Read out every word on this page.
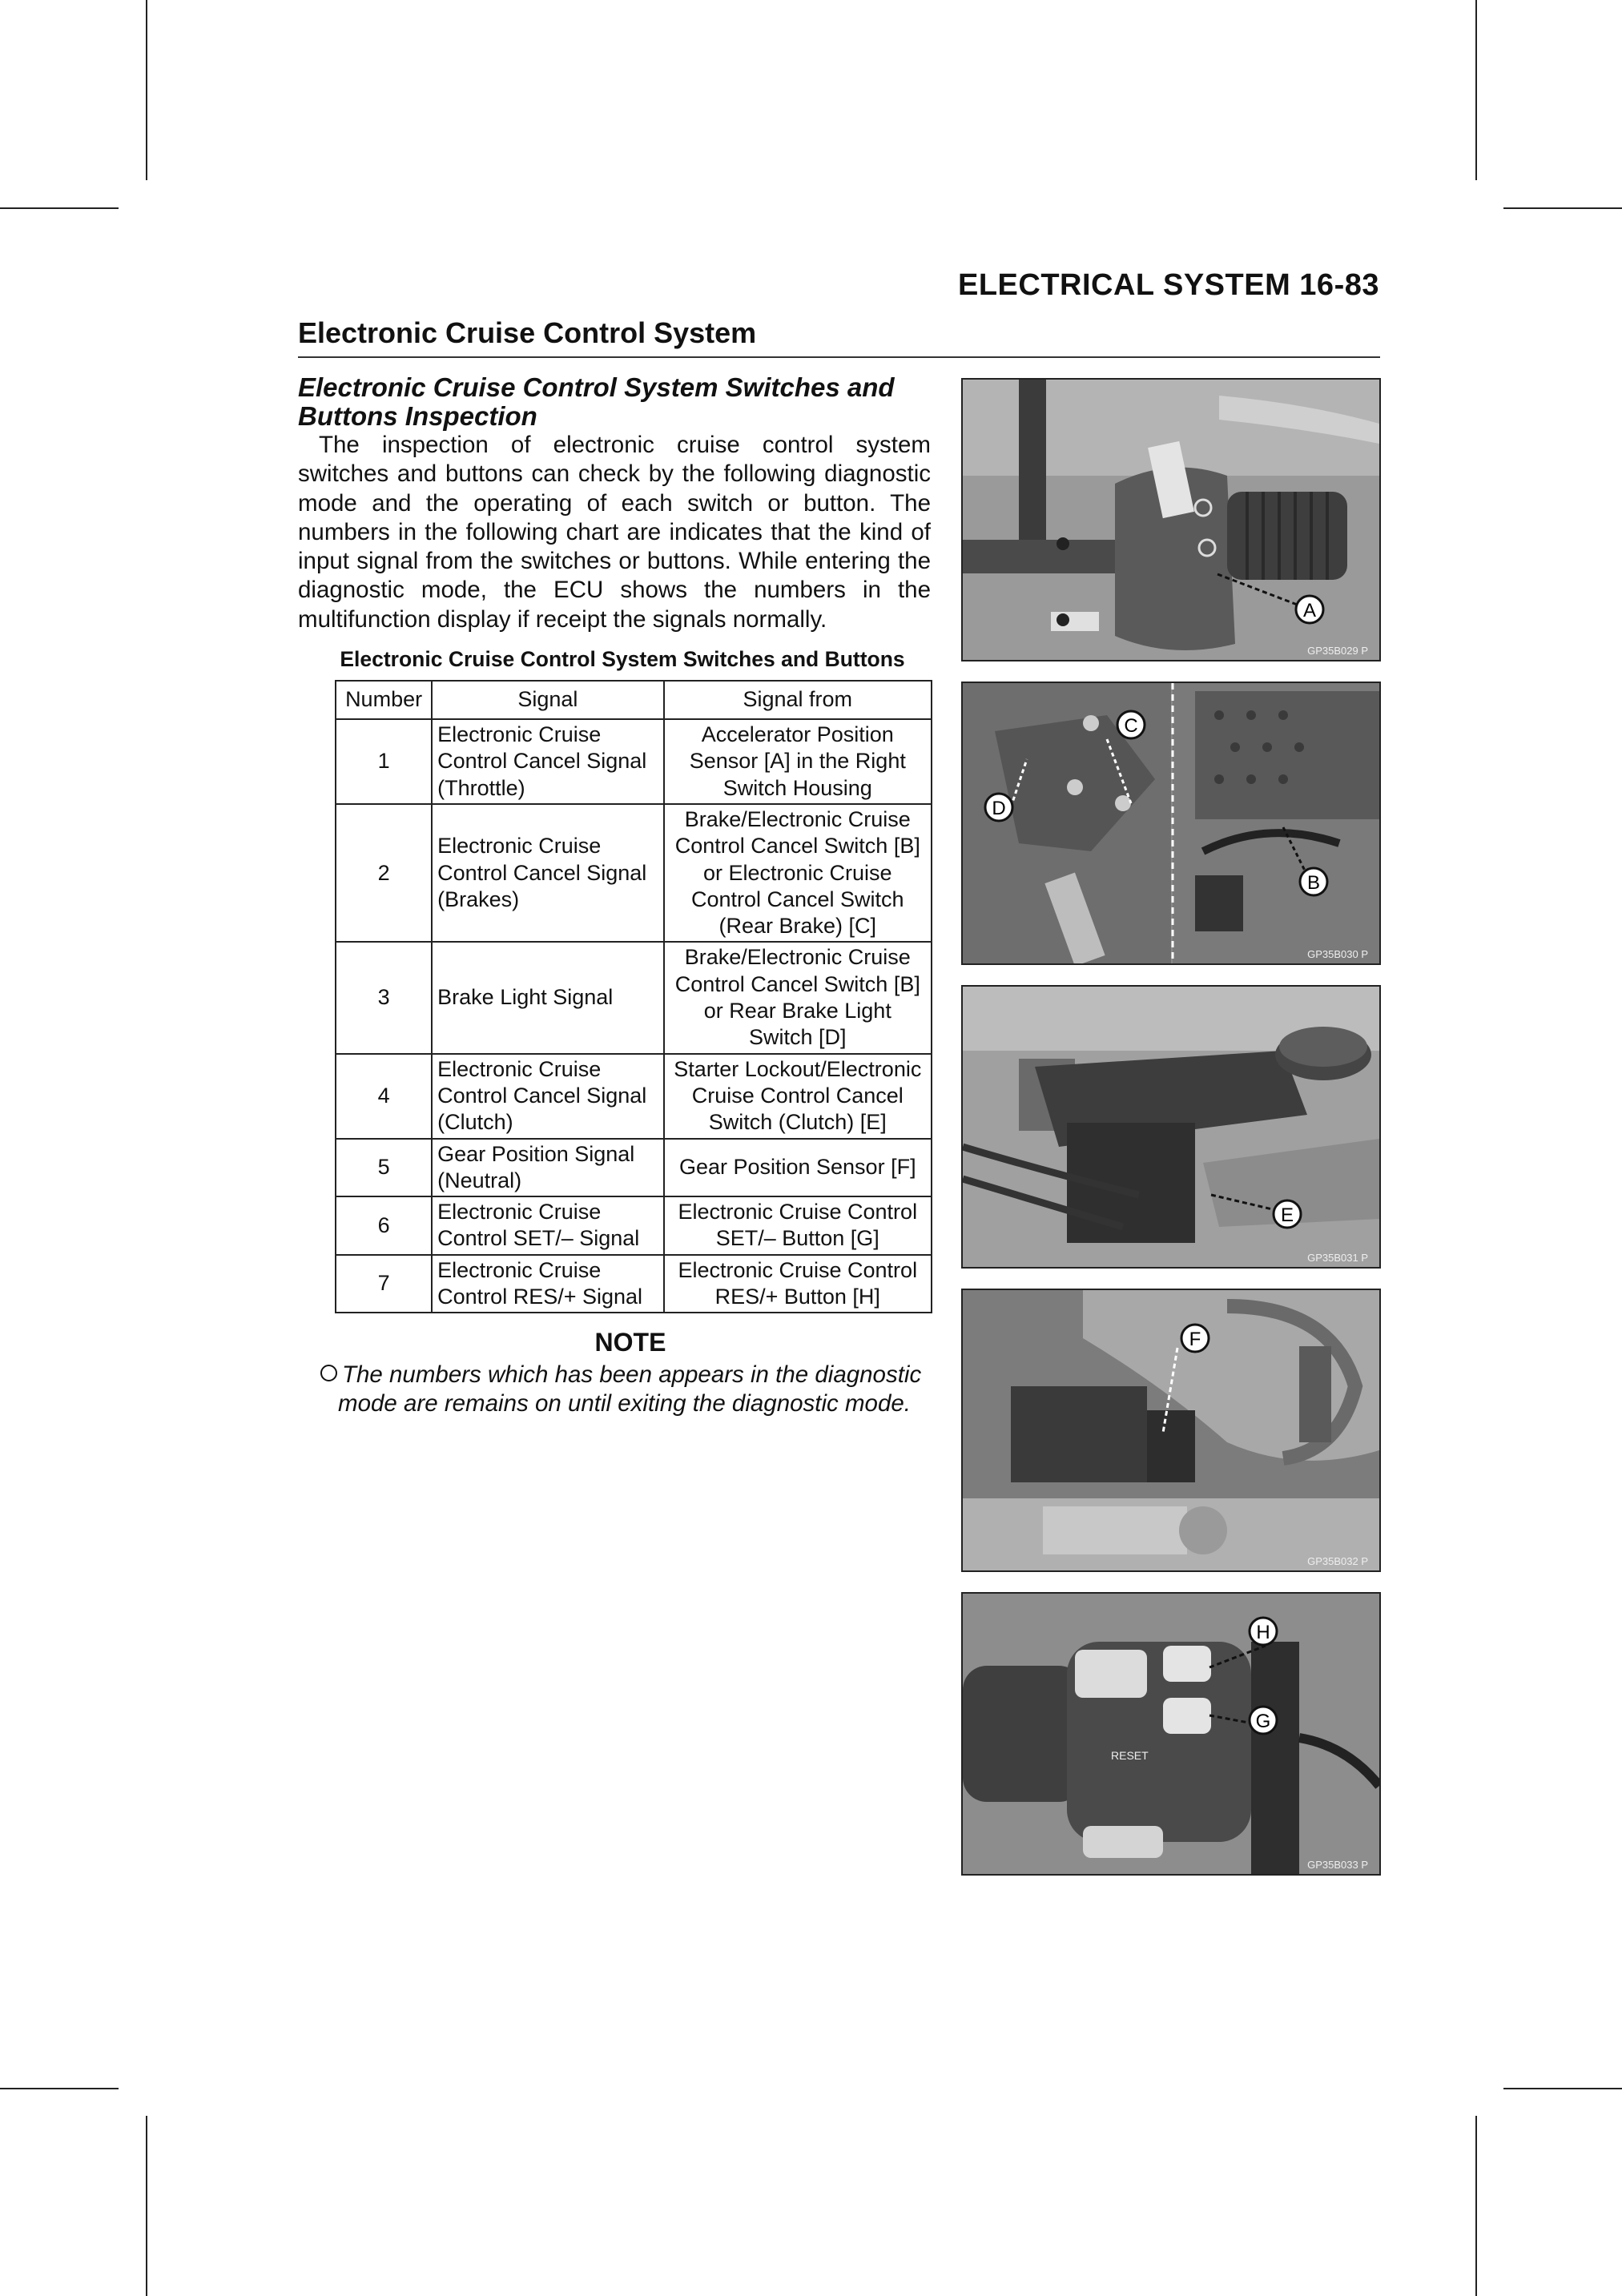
ELECTRICAL SYSTEM 16-83
Electronic Cruise Control System
Electronic Cruise Control System Switches and Buttons Inspection

The inspection of electronic cruise control system switches and buttons can check by the following diagnostic mode and the operating of each switch or button. The numbers in the following chart are indicates that the kind of input signal from the switches or buttons. While entering the diagnostic mode, the ECU shows the numbers in the multifunction display if receipt the signals normally.

Electronic Cruise Control System Switches and Buttons
Number	Signal	Signal from
1	Electronic Cruise Control Cancel Signal (Throttle)	Accelerator Position Sensor [A] in the Right Switch Housing
2	Electronic Cruise Control Cancel Signal (Brakes)	Brake/Electronic Cruise Control Cancel Switch [B] or Electronic Cruise Control Cancel Switch (Rear Brake) [C]
3	Brake Light Signal	Brake/Electronic Cruise Control Cancel Switch [B] or Rear Brake Light Switch [D]
4	Electronic Cruise Control Cancel Signal (Clutch)	Starter Lockout/Electronic Cruise Control Cancel Switch (Clutch) [E]
5	Gear Position Signal (Neutral)	Gear Position Sensor [F]
6	Electronic Cruise Control SET/– Signal	Electronic Cruise Control SET/– Button [G]
7	Electronic Cruise Control RES/+ Signal	Electronic Cruise Control RES/+ Button [H]
NOTE

The numbers which has been appears in the diagnostic mode are remains on until exiting the diagnostic mode.

A
GP35B029 P
C
D
B
GP35B030 P
E
GP35B031 P
F
GP35B032 P
RESET
H
G
GP35B033 P
